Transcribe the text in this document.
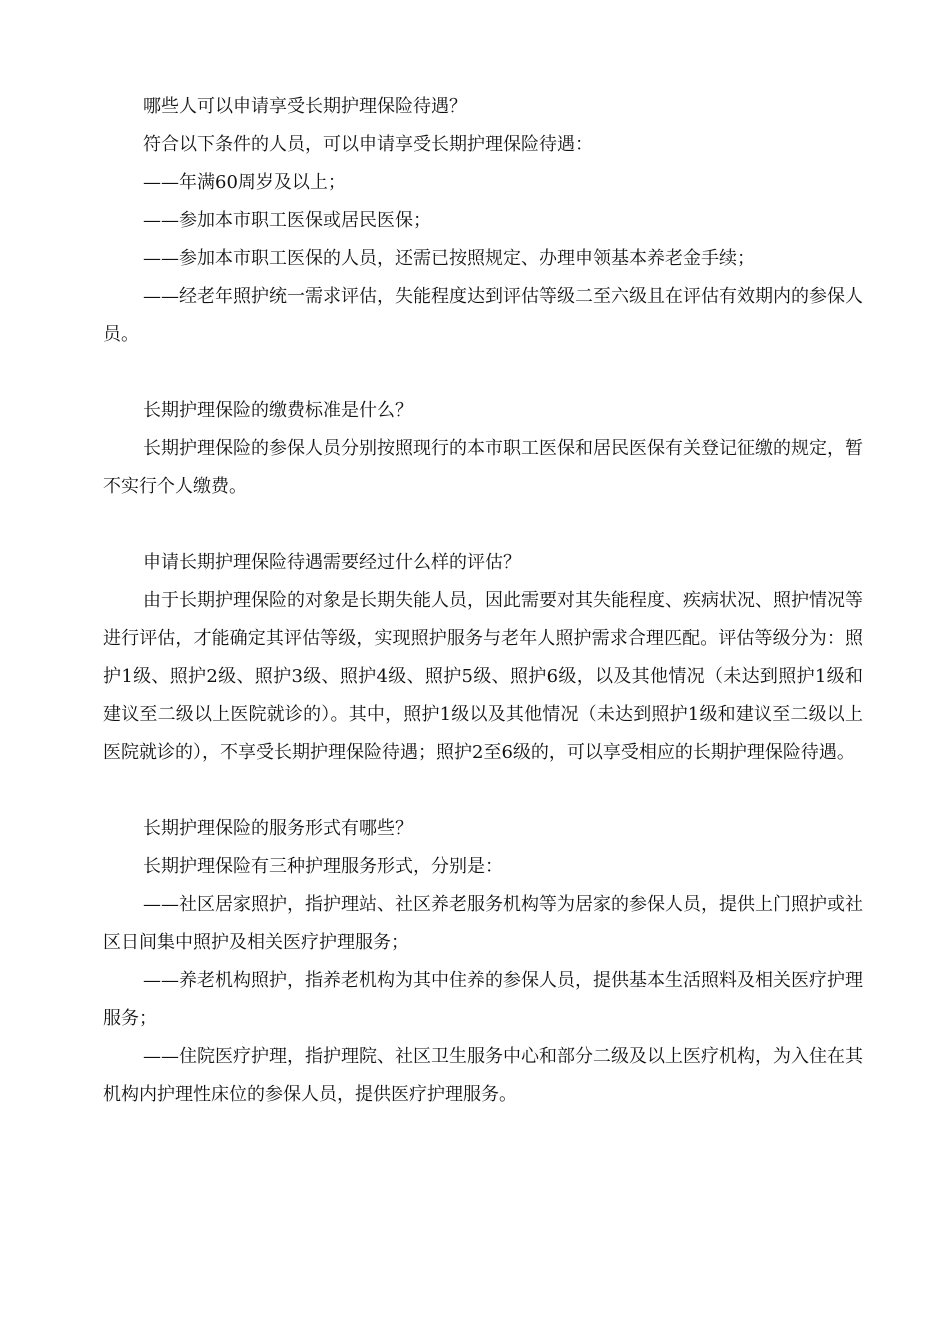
哪些人可以申请享受长期护理保险待遇？

符合以下条件的人员，可以申请享受长期护理保险待遇：

——年满60周岁及以上；

——参加本市职工医保或居民医保；

——参加本市职工医保的人员，还需已按照规定、办理申领基本养老金手续；

——经老年照护统一需求评估，失能程度达到评估等级二至六级且在评估有效期内的参保人员。

长期护理保险的缴费标准是什么？

长期护理保险的参保人员分别按照现行的本市职工医保和居民医保有关登记征缴的规定，暂不实行个人缴费。

申请长期护理保险待遇需要经过什么样的评估？

由于长期护理保险的对象是长期失能人员，因此需要对其失能程度、疾病状况、照护情况等进行评估，才能确定其评估等级，实现照护服务与老年人照护需求合理匹配。评估等级分为：照护1级、照护2级、照护3级、照护4级、照护5级、照护6级，以及其他情况（未达到照护1级和建议至二级以上医院就诊的）。其中，照护1级以及其他情况（未达到照护1级和建议至二级以上医院就诊的），不享受长期护理保险待遇；照护2至6级的，可以享受相应的长期护理保险待遇。

长期护理保险的服务形式有哪些？

长期护理保险有三种护理服务形式，分别是：

——社区居家照护，指护理站、社区养老服务机构等为居家的参保人员，提供上门照护或社区日间集中照护及相关医疗护理服务；

——养老机构照护，指养老机构为其中住养的参保人员，提供基本生活照料及相关医疗护理服务；

——住院医疗护理，指护理院、社区卫生服务中心和部分二级及以上医疗机构，为入住在其机构内护理性床位的参保人员，提供医疗护理服务。
